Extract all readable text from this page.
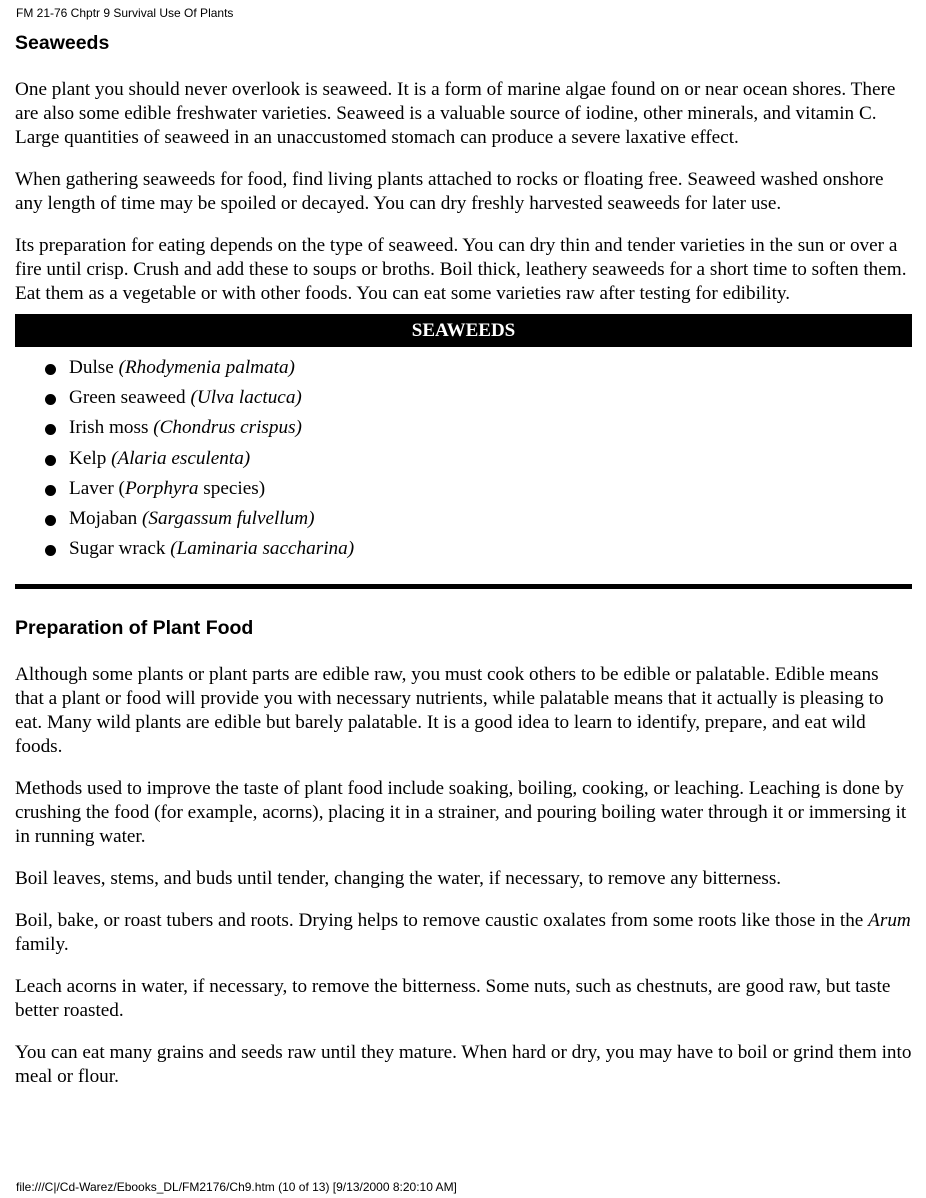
FM 21-76 Chptr 9 Survival Use Of Plants
Seaweeds

One plant you should never overlook is seaweed. It is a form of marine algae found on or near ocean shores. There are also some edible freshwater varieties. Seaweed is a valuable source of iodine, other minerals, and vitamin C. Large quantities of seaweed in an unaccustomed stomach can produce a severe laxative effect.

When gathering seaweeds for food, find living plants attached to rocks or floating free. Seaweed washed onshore any length of time may be spoiled or decayed. You can dry freshly harvested seaweeds for later use.

Its preparation for eating depends on the type of seaweed. You can dry thin and tender varieties in the sun or over a fire until crisp. Crush and add these to soups or broths. Boil thick, leathery seaweeds for a short time to soften them. Eat them as a vegetable or with other foods. You can eat some varieties raw after testing for edibility.

SEAWEEDS
Dulse (Rhodymenia palmata)
Green seaweed (Ulva lactuca)
Irish moss (Chondrus crispus)
Kelp (Alaria esculenta)
Laver (Porphyra species)
Mojaban (Sargassum fulvellum)
Sugar wrack (Laminaria saccharina)
Preparation of Plant Food

Although some plants or plant parts are edible raw, you must cook others to be edible or palatable. Edible means that a plant or food will provide you with necessary nutrients, while palatable means that it actually is pleasing to eat. Many wild plants are edible but barely palatable. It is a good idea to learn to identify, prepare, and eat wild foods.

Methods used to improve the taste of plant food include soaking, boiling, cooking, or leaching. Leaching is done by crushing the food (for example, acorns), placing it in a strainer, and pouring boiling water through it or immersing it in running water.

Boil leaves, stems, and buds until tender, changing the water, if necessary, to remove any bitterness.

Boil, bake, or roast tubers and roots. Drying helps to remove caustic oxalates from some roots like those in the Arum family.

Leach acorns in water, if necessary, to remove the bitterness. Some nuts, such as chestnuts, are good raw, but taste better roasted.

You can eat many grains and seeds raw until they mature. When hard or dry, you may have to boil or grind them into meal or flour.

file:///C|/Cd-Warez/Ebooks_DL/FM2176/Ch9.htm (10 of 13) [9/13/2000 8:20:10 AM]
